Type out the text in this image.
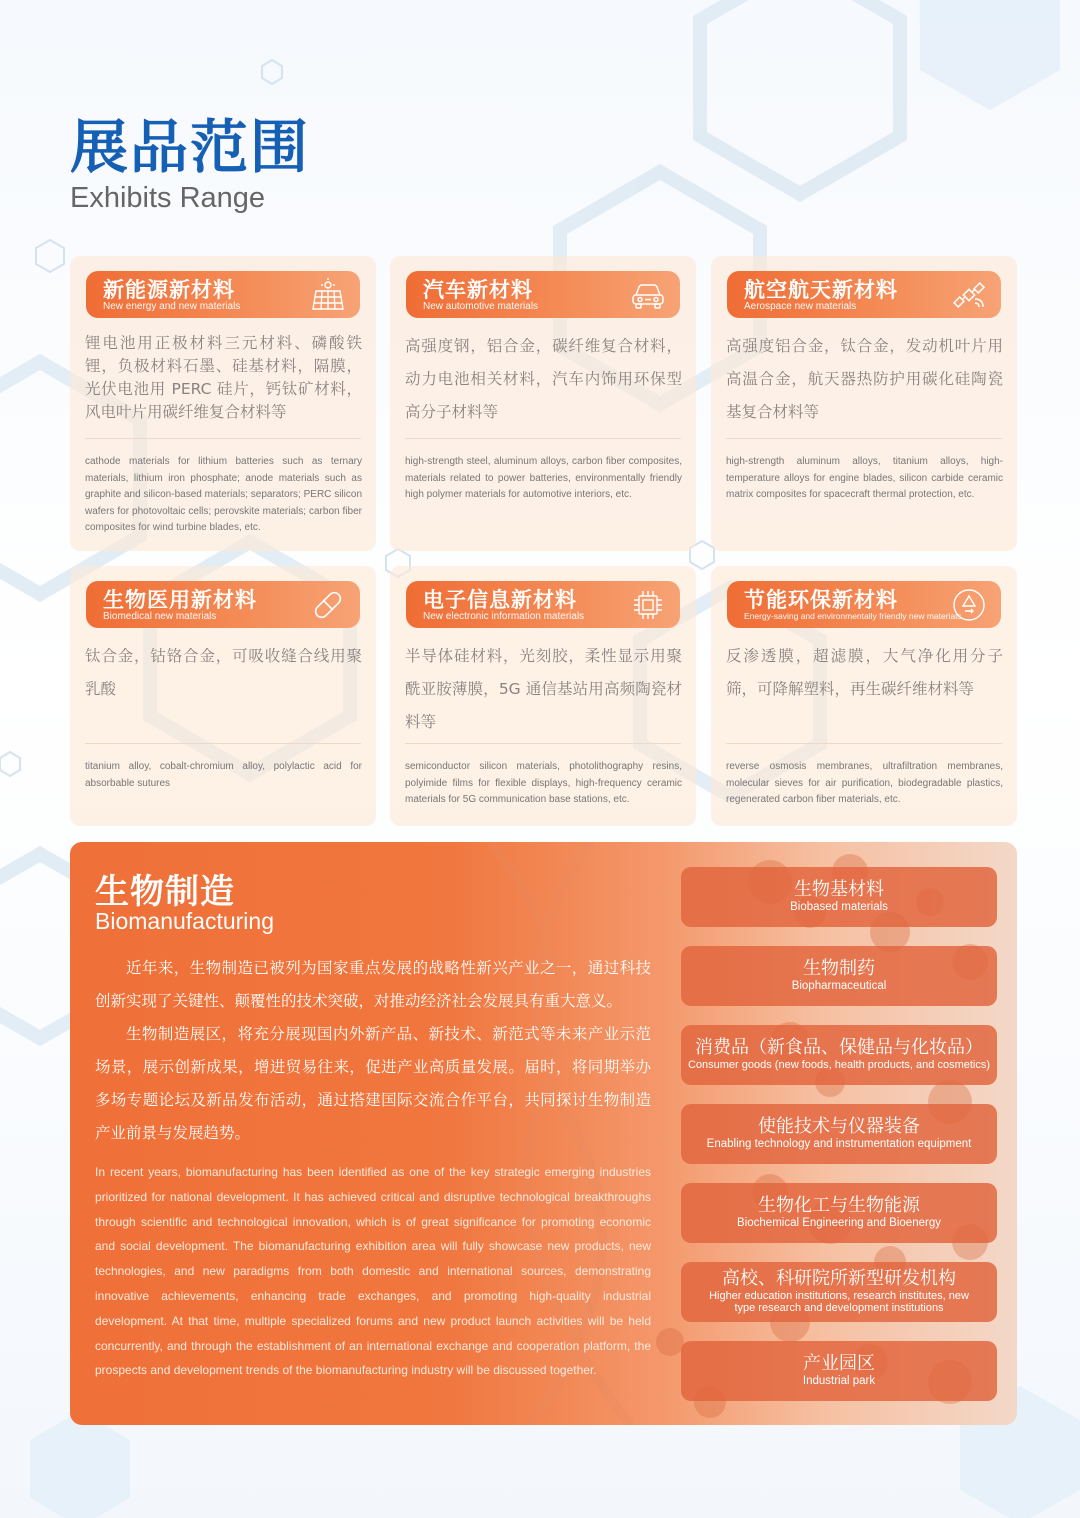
展品范围
Exhibits Range
新能源新材料
New energy and new materials
锂电池用正极材料三元材料、磷酸铁锂，负极材料石墨、硅基材料，隔膜，光伏电池用 PERC 硅片，钙钛矿材料，风电叶片用碳纤维复合材料等
cathode materials for lithium batteries such as ternary materials, lithium iron phosphate; anode materials such as graphite and silicon-based materials; separators; PERC silicon wafers for photovoltaic cells; perovskite materials; carbon fiber composites for wind turbine blades, etc.
汽车新材料
New automotive materials
高强度钢，铝合金，碳纤维复合材料，动力电池相关材料，汽车内饰用环保型高分子材料等
high-strength steel, aluminum alloys, carbon fiber composites, materials related to power batteries, environmentally friendly high polymer materials for automotive interiors, etc.
航空航天新材料
Aerospace new materials
高强度铝合金，钛合金，发动机叶片用高温合金，航天器热防护用碳化硅陶瓷基复合材料等
high-strength aluminum alloys, titanium alloys, high-temperature alloys for engine blades, silicon carbide ceramic matrix composites for spacecraft thermal protection, etc.
生物医用新材料
Biomedical new materials
钛合金，钴铬合金，可吸收缝合线用聚乳酸
titanium alloy, cobalt-chromium alloy, polylactic acid for absorbable sutures
电子信息新材料
New electronic information materials
半导体硅材料，光刻胶，柔性显示用聚酰亚胺薄膜，5G 通信基站用高频陶瓷材料等
semiconductor silicon materials, photolithography resins, polyimide films for flexible displays, high-frequency ceramic materials for 5G communication base stations, etc.
节能环保新材料
Energy-saving and environmentally friendly new materials
反渗透膜，超滤膜，大气净化用分子筛，可降解塑料，再生碳纤维材料等
reverse osmosis membranes, ultrafiltration membranes, molecular sieves for air purification, biodegradable plastics, regenerated carbon fiber materials, etc.
生物制造
Biomanufacturing

近年来，生物制造已被列为国家重点发展的战略性新兴产业之一，通过科技创新实现了关键性、颠覆性的技术突破，对推动经济社会发展具有重大意义。

生物制造展区，将充分展现国内外新产品、新技术、新范式等未来产业示范场景，展示创新成果，增进贸易往来，促进产业高质量发展。届时，将同期举办多场专题论坛及新品发布活动，通过搭建国际交流合作平台，共同探讨生物制造产业前景与发展趋势。

In recent years, biomanufacturing has been identified as one of the key strategic emerging industries prioritized for national development. It has achieved critical and disruptive technological breakthroughs through scientific and technological innovation, which is of great significance for promoting economic and social development. The biomanufacturing exhibition area will fully showcase new products, new technologies, and new paradigms from both domestic and international sources, demonstrating innovative achievements, enhancing trade exchanges, and promoting high-quality industrial development. At that time, multiple specialized forums and new product launch activities will be held concurrently, and through the establishment of an international exchange and cooperation platform, the prospects and development trends of the biomanufacturing industry will be discussed together.
生物基材料
Biobased materials
生物制药
Biopharmaceutical
消费品（新食品、保健品与化妆品）
Consumer goods (new foods, health products, and cosmetics)
使能技术与仪器装备
Enabling technology and instrumentation equipment
生物化工与生物能源
Biochemical Engineering and Bioenergy
高校、科研院所新型研发机构
Higher education institutions, research institutes, new type research and development institutions
产业园区
Industrial park
